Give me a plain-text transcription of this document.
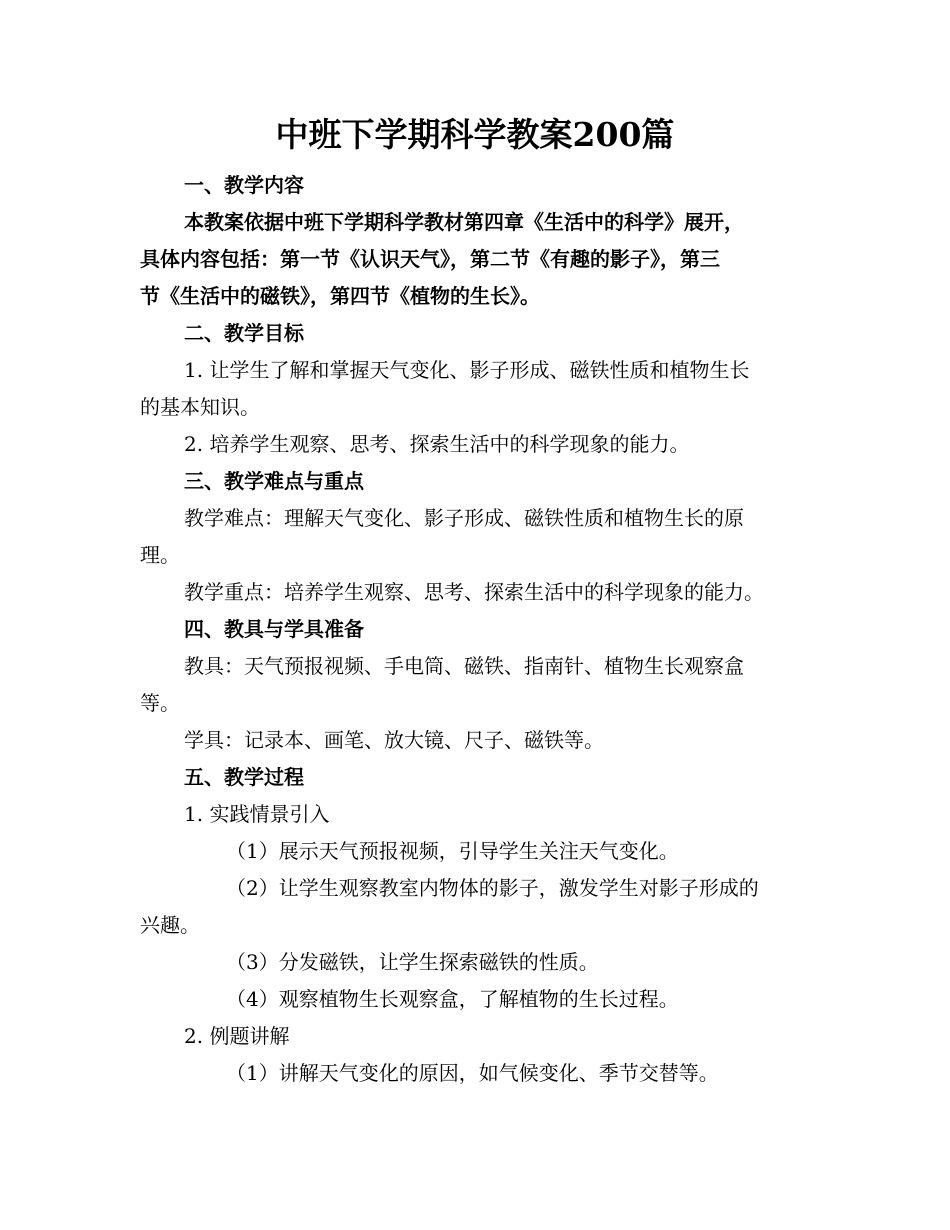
中班下学期科学教案200篇
一、教学内容
本教案依据中班下学期科学教材第四章《生活中的科学》展开，
具体内容包括：第一节《认识天气》，第二节《有趣的影子》，第三
节《生活中的磁铁》，第四节《植物的生长》。
二、教学目标
1. 让学生了解和掌握天气变化、影子形成、磁铁性质和植物生长
的基本知识。
2. 培养学生观察、思考、探索生活中的科学现象的能力。
三、教学难点与重点
教学难点：理解天气变化、影子形成、磁铁性质和植物生长的原
理。
教学重点：培养学生观察、思考、探索生活中的科学现象的能力。
四、教具与学具准备
教具：天气预报视频、手电筒、磁铁、指南针、植物生长观察盒
等。
学具：记录本、画笔、放大镜、尺子、磁铁等。
五、教学过程
1. 实践情景引入
（1）展示天气预报视频，引导学生关注天气变化。
（2）让学生观察教室内物体的影子，激发学生对影子形成的
兴趣。
（3）分发磁铁，让学生探索磁铁的性质。
（4）观察植物生长观察盒，了解植物的生长过程。
2. 例题讲解
（1）讲解天气变化的原因，如气候变化、季节交替等。
